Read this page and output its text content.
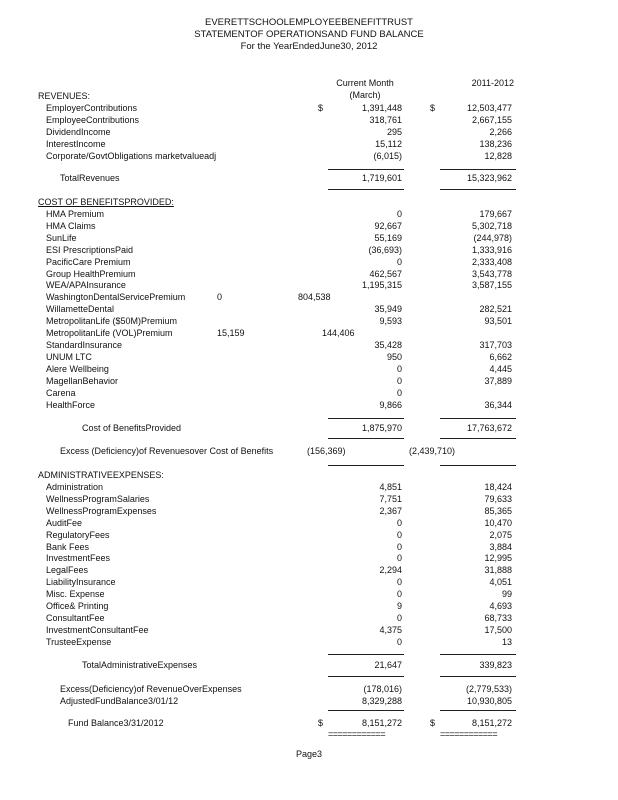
EVERETTSCHOOLEMPLOYEEBENEFITTRUST
STATEMENTOF OPERATIONSAND FUND BALANCE
For the YearEndedJune30, 2012
Current Month
(March)
2011-2012
REVENUES:
$	$
EmployerContributions	1,391,448	12,503,477
EmployeeContributions	318,761	2,667,155
DividendIncome	295	2,266
InterestIncome	15,112	138,236
Corporate/GovtObligations marketvalueadj	(6,015)	12,828
TotalRevenues	1,719,601	15,323,962
COST OF BENEFITSPROVIDED:
HMA Premium	0	179,667
HMA Claims	92,667	5,302,718
SunLife	55,169	(244,978)
ESI PrescriptionsPaid	(36,693)	1,333,916
PacificCare Premium	0	2,333,408
Group HealthPremium	462,567	3,543,778
WEA/APAInsurance	1,195,315	3,587,155
WashingtonDentalServicePremium	0	804,538
WillametteDental	35,949	282,521
MetropolitanLife ($50M)Premium	9,593	93,501
MetropolitanLife (VOL)Premium	15,159	144,406
StandardInsurance	35,428	317,703
UNUM LTC	950	6,662
Alere Wellbeing	0	4,445
MagellanBehavior	0	37,889
Carena	0
HealthForce	9,866	36,344
Cost of BenefitsProvided	1,875,970	17,763,672
Excess (Deficiency)of Revenuesover Cost of Benefits	(156,369)	(2,439,710)
ADMINISTRATIVEEXPENSES:
Administration	4,851	18,424
WellnessProgramSalaries	7,751	79,633
WellnessProgramExpenses	2,367	85,365
AuditFee	0	10,470
RegulatoryFees	0	2,075
Bank Fees	0	3,884
InvestmentFees	0	12,995
LegalFees	2,294	31,888
LiabilityInsurance	0	4,051
Misc. Expense	0	99
Office& Printing	9	4,693
ConsultantFee	0	68,733
InvestmentConsultantFee	4,375	17,500
TrusteeExpense	0	13
TotalAdministrativeExpenses	21,647	339,823
Excess(Deficiency)of RevenueOverExpenses	(178,016)	(2,779,533)
AdjustedFundBalance3/01/12	8,329,288	10,930,805
Fund Balance3/31/2012	$	8,151,272	$	8,151,272
============	============
Page3
